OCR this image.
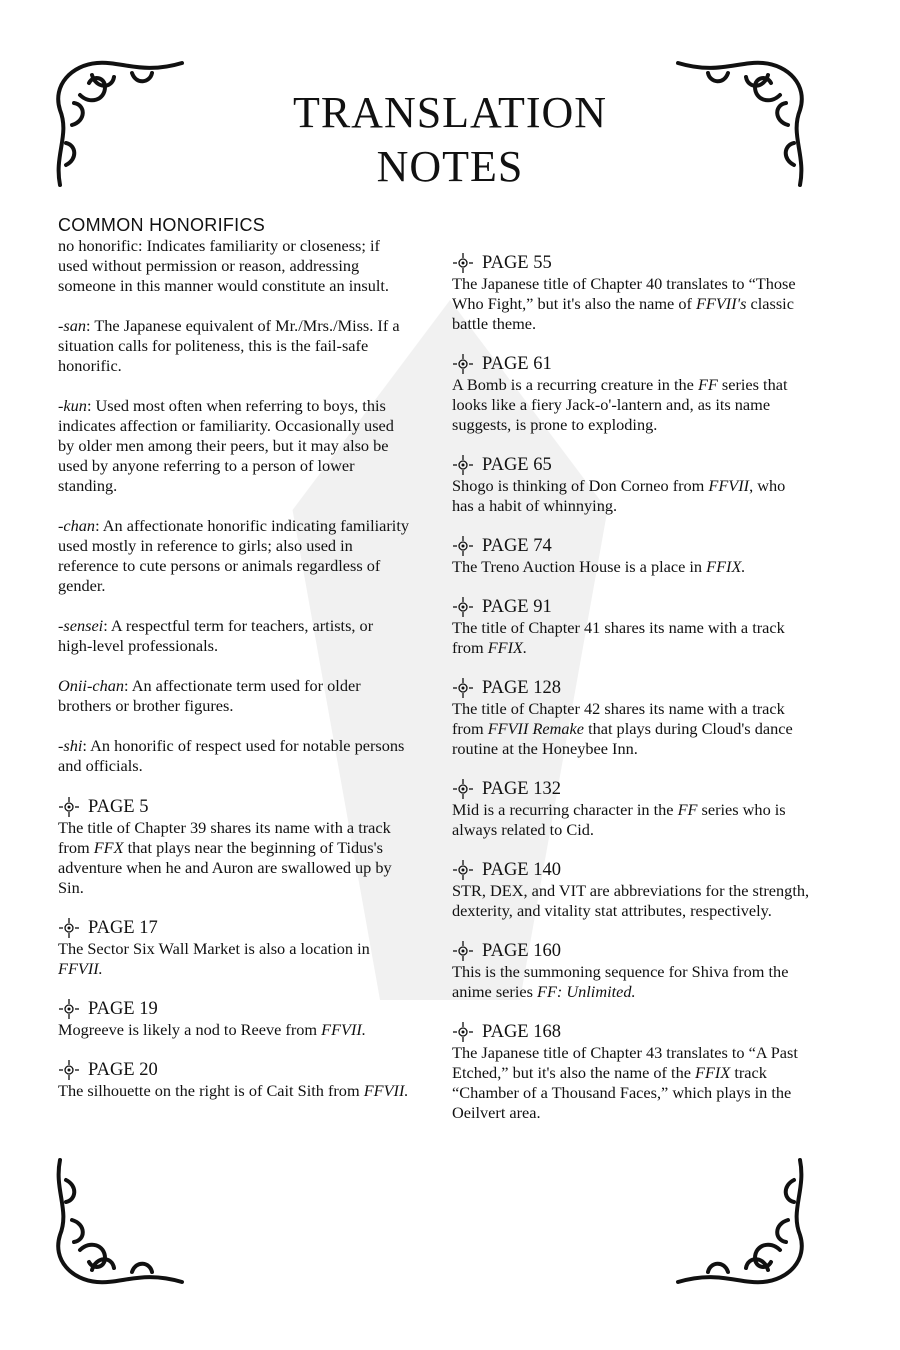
TRANSLATION
NOTES
COMMON HONORIFICS

no honorific: Indicates familiarity or closeness; if used without permission or reason, addressing someone in this manner would constitute an insult.

-san: The Japanese equivalent of Mr./Mrs./Miss. If a situation calls for politeness, this is the fail-safe honorific.

-kun: Used most often when referring to boys, this indicates affection or familiarity. Occasionally used by older men among their peers, but it may also be used by anyone referring to a person of lower standing.

-chan: An affectionate honorific indicating familiarity used mostly in reference to girls; also used in reference to cute persons or animals regardless of gender.

-sensei: A respectful term for teachers, artists, or high-level professionals.

Onii-chan: An affectionate term used for older brothers or brother figures.

-shi: An honorific of respect used for notable persons and officials.

PAGE 5
The title of Chapter 39 shares its name with a track from FFX that plays near the beginning of Tidus's adventure when he and Auron are swallowed up by Sin.
PAGE 17
The Sector Six Wall Market is also a location in FFVII.
PAGE 19
Mogreeve is likely a nod to Reeve from FFVII.
PAGE 20
The silhouette on the right is of Cait Sith from FFVII.
PAGE 55
The Japanese title of Chapter 40 translates to “Those Who Fight,” but it's also the name of FFVII's classic battle theme.
PAGE 61
A Bomb is a recurring creature in the FF series that looks like a fiery Jack-o'-lantern and, as its name suggests, is prone to exploding.
PAGE 65
Shogo is thinking of Don Corneo from FFVII, who has a habit of whinnying.
PAGE 74
The Treno Auction House is a place in FFIX.
PAGE 91
The title of Chapter 41 shares its name with a track from FFIX.
PAGE 128
The title of Chapter 42 shares its name with a track from FFVII Remake that plays during Cloud's dance routine at the Honeybee Inn.
PAGE 132
Mid is a recurring character in the FF series who is always related to Cid.
PAGE 140
STR, DEX, and VIT are abbreviations for the strength, dexterity, and vitality stat attributes, respectively.
PAGE 160
This is the summoning sequence for Shiva from the anime series FF: Unlimited.
PAGE 168
The Japanese title of Chapter 43 translates to “A Past Etched,” but it's also the name of the FFIX track “Chamber of a Thousand Faces,” which plays in the Oeilvert area.
